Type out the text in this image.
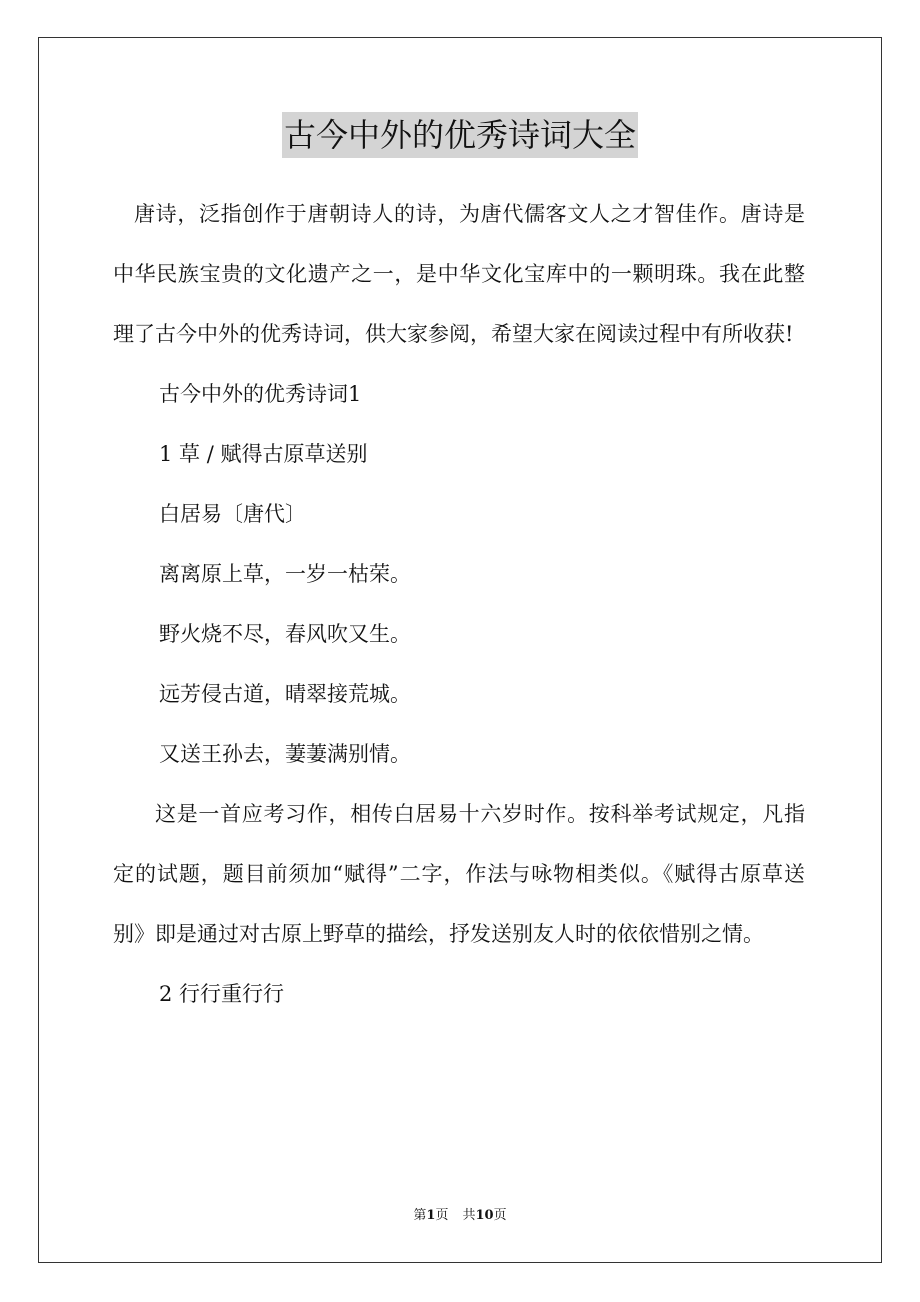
古今中外的优秀诗词大全

唐诗，泛指创作于唐朝诗人的诗，为唐代儒客文人之才智佳作。唐诗是中华民族宝贵的文化遗产之一，是中华文化宝库中的一颗明珠。我在此整理了古今中外的优秀诗词，供大家参阅，希望大家在阅读过程中有所收获!

古今中外的优秀诗词1

1 草 / 赋得古原草送别

白居易〔唐代〕

离离原上草，一岁一枯荣。

野火烧不尽，春风吹又生。

远芳侵古道，晴翠接荒城。

又送王孙去，萋萋满别情。

这是一首应考习作，相传白居易十六岁时作。按科举考试规定，凡指定的试题，题目前须加“赋得”二字，作法与咏物相类似。《赋得古原草送别》即是通过对古原上野草的描绘，抒发送别友人时的依依惜别之情。

2 行行重行行

第1页 共10页
